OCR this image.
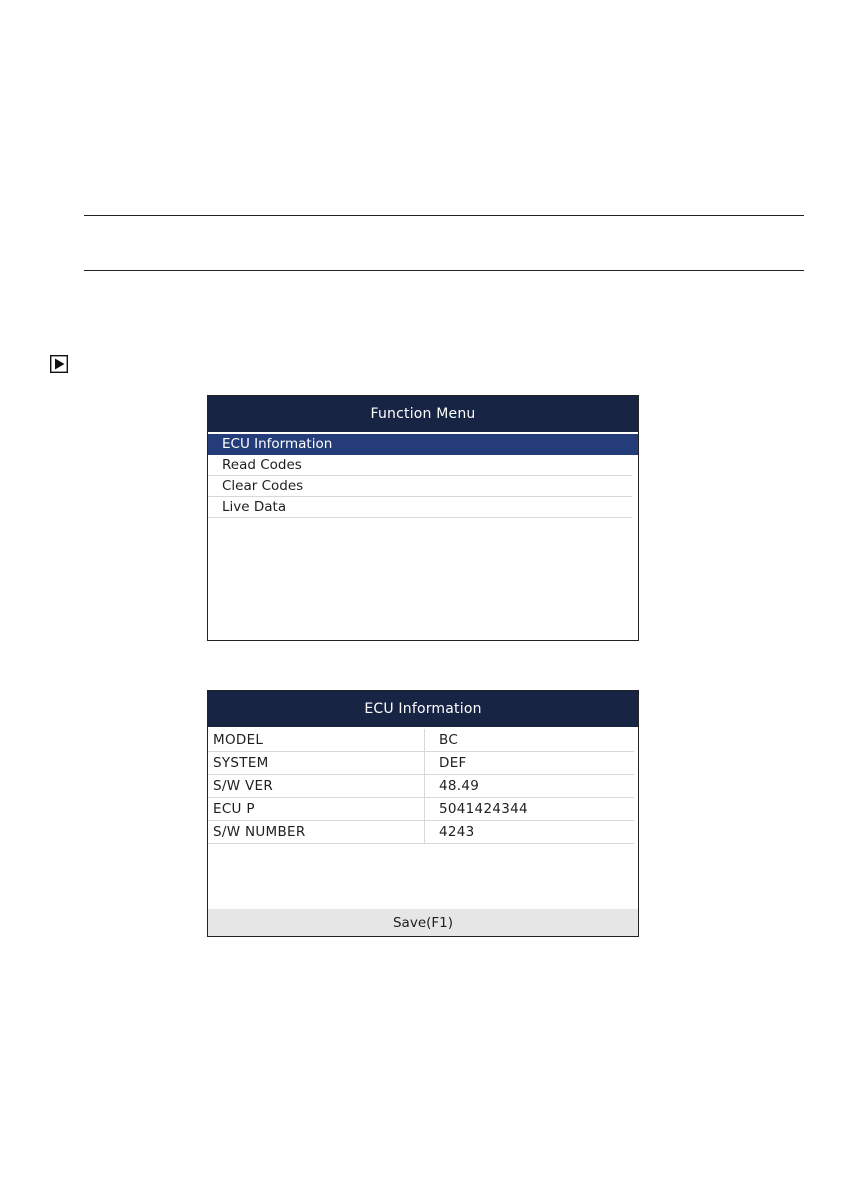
Function Menu
ECU Information
Read Codes
Clear Codes
Live Data
ECU Information
MODEL	BC
SYSTEM	DEF
S/W VER	48.49
ECU P	5041424344
S/W NUMBER	4243
Save(F1)
